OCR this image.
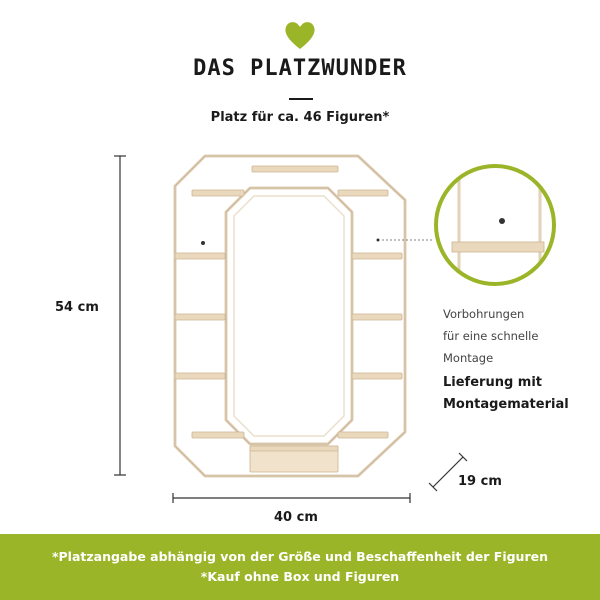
DAS PLATZWUNDER
Platz für ca. 46 Figuren*
54 cm
40 cm
19 cm
Vorbohrungen
für eine schnelle
Montage
Lieferung mit
Montagematerial
*Platzangabe abhängig von der Größe und Beschaffenheit der Figuren
*Kauf ohne Box und Figuren
